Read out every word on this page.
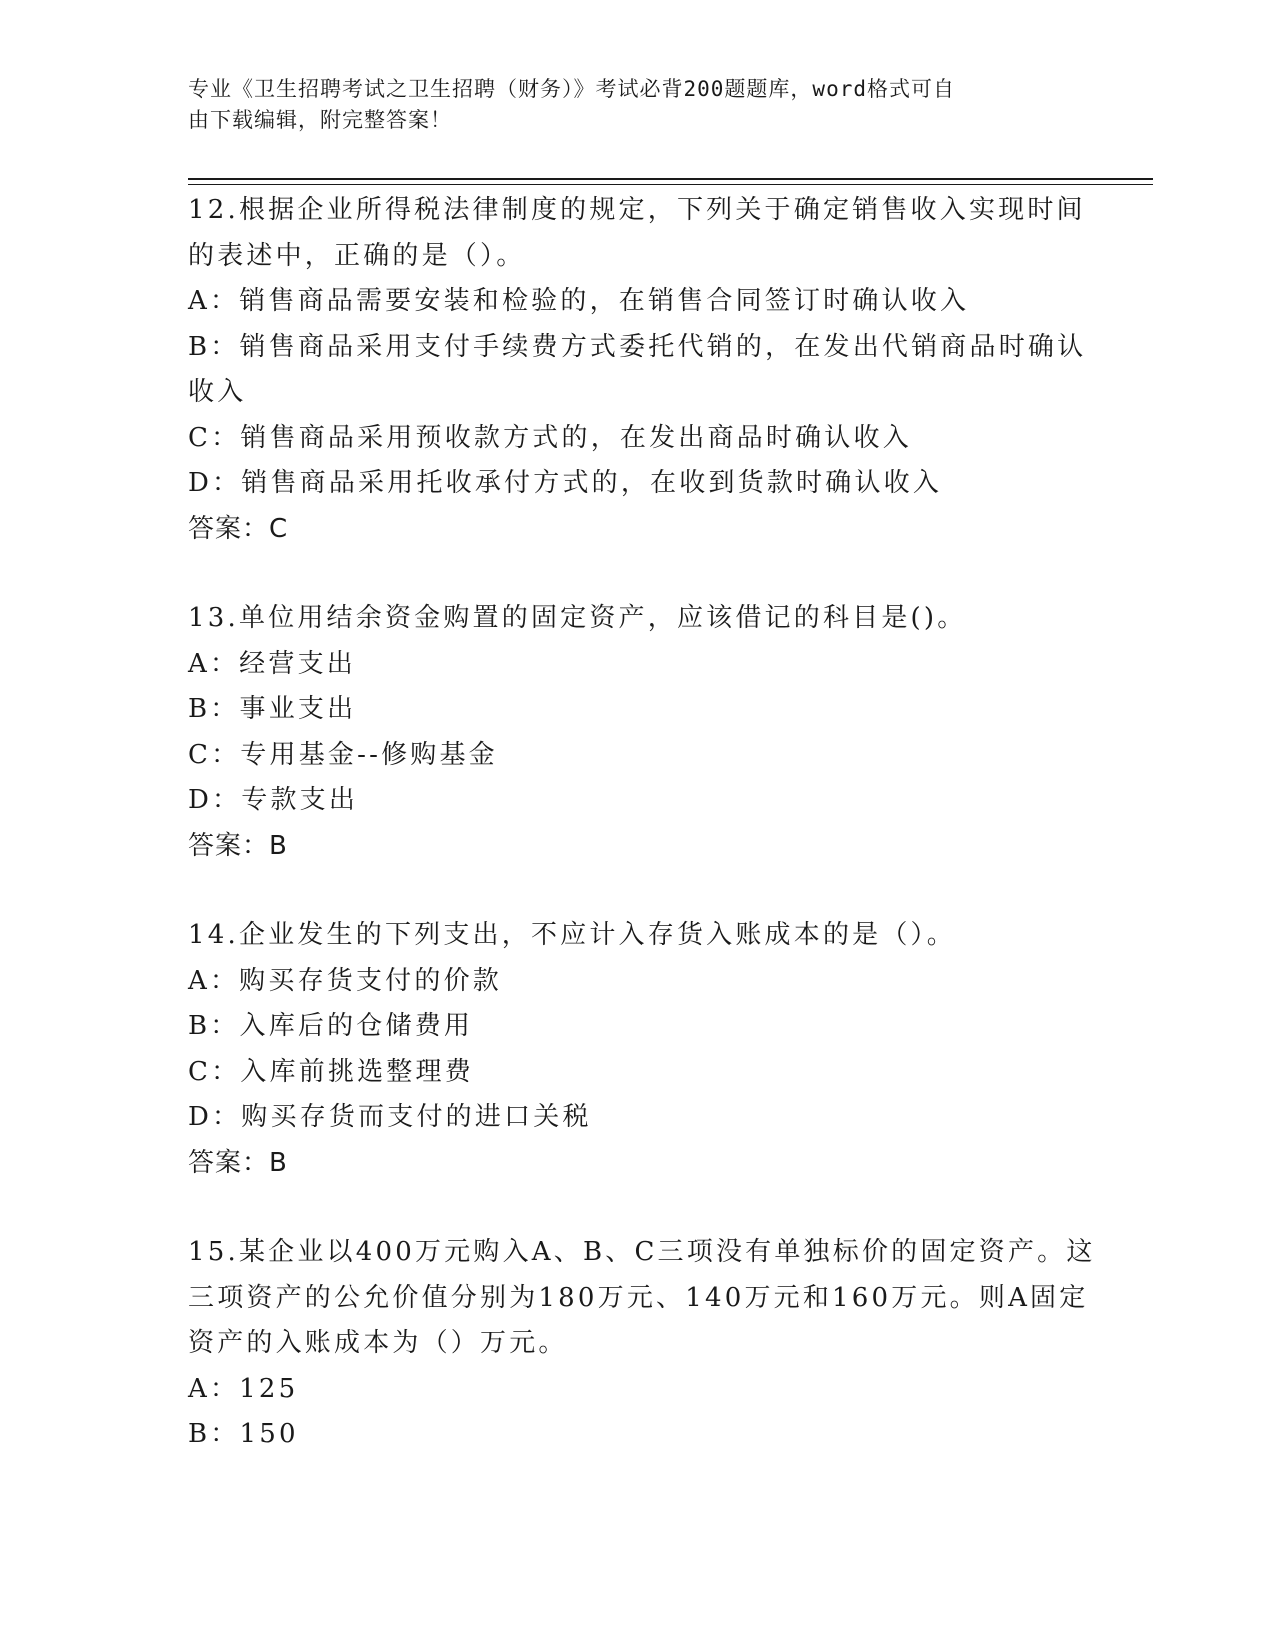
专业《卫生招聘考试之卫生招聘（财务）》考试必背200题题库，word格式可自
由下载编辑，附完整答案！
12.根据企业所得税法律制度的规定，下列关于确定销售收入实现时间
的表述中，正确的是（）。
A：销售商品需要安装和检验的，在销售合同签订时确认收入
B：销售商品采用支付手续费方式委托代销的，在发出代销商品时确认
收入
C：销售商品采用预收款方式的，在发出商品时确认收入
D：销售商品采用托收承付方式的，在收到货款时确认收入
答案：C
13.单位用结余资金购置的固定资产，应该借记的科目是()。
A：经营支出
B：事业支出
C：专用基金--修购基金
D：专款支出
答案：B
14.企业发生的下列支出，不应计入存货入账成本的是（）。
A：购买存货支付的价款
B：入库后的仓储费用
C：入库前挑选整理费
D：购买存货而支付的进口关税
答案：B
15.某企业以400万元购入A、B、C三项没有单独标价的固定资产。这
三项资产的公允价值分别为180万元、140万元和160万元。则A固定
资产的入账成本为（）万元。
A：125
B：150
